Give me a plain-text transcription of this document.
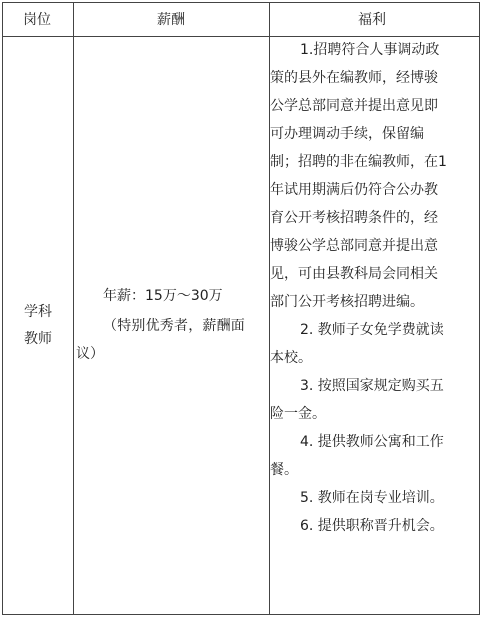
岗位	薪酬	福利
学科
教师
年薪：15万～30万
（特别优秀者，薪酬面
议）
1.招聘符合人事调动政
策的县外在编教师，经博骏
公学总部同意并提出意见即
可办理调动手续，保留编
制；招聘的非在编教师，在1
年试用期满后仍符合公办教
育公开考核招聘条件的，经
博骏公学总部同意并提出意
见，可由县教科局会同相关
部门公开考核招聘进编。
2. 教师子女免学费就读
本校。
3. 按照国家规定购买五
险一金。
4. 提供教师公寓和工作
餐。
5. 教师在岗专业培训。
6. 提供职称晋升机会。
